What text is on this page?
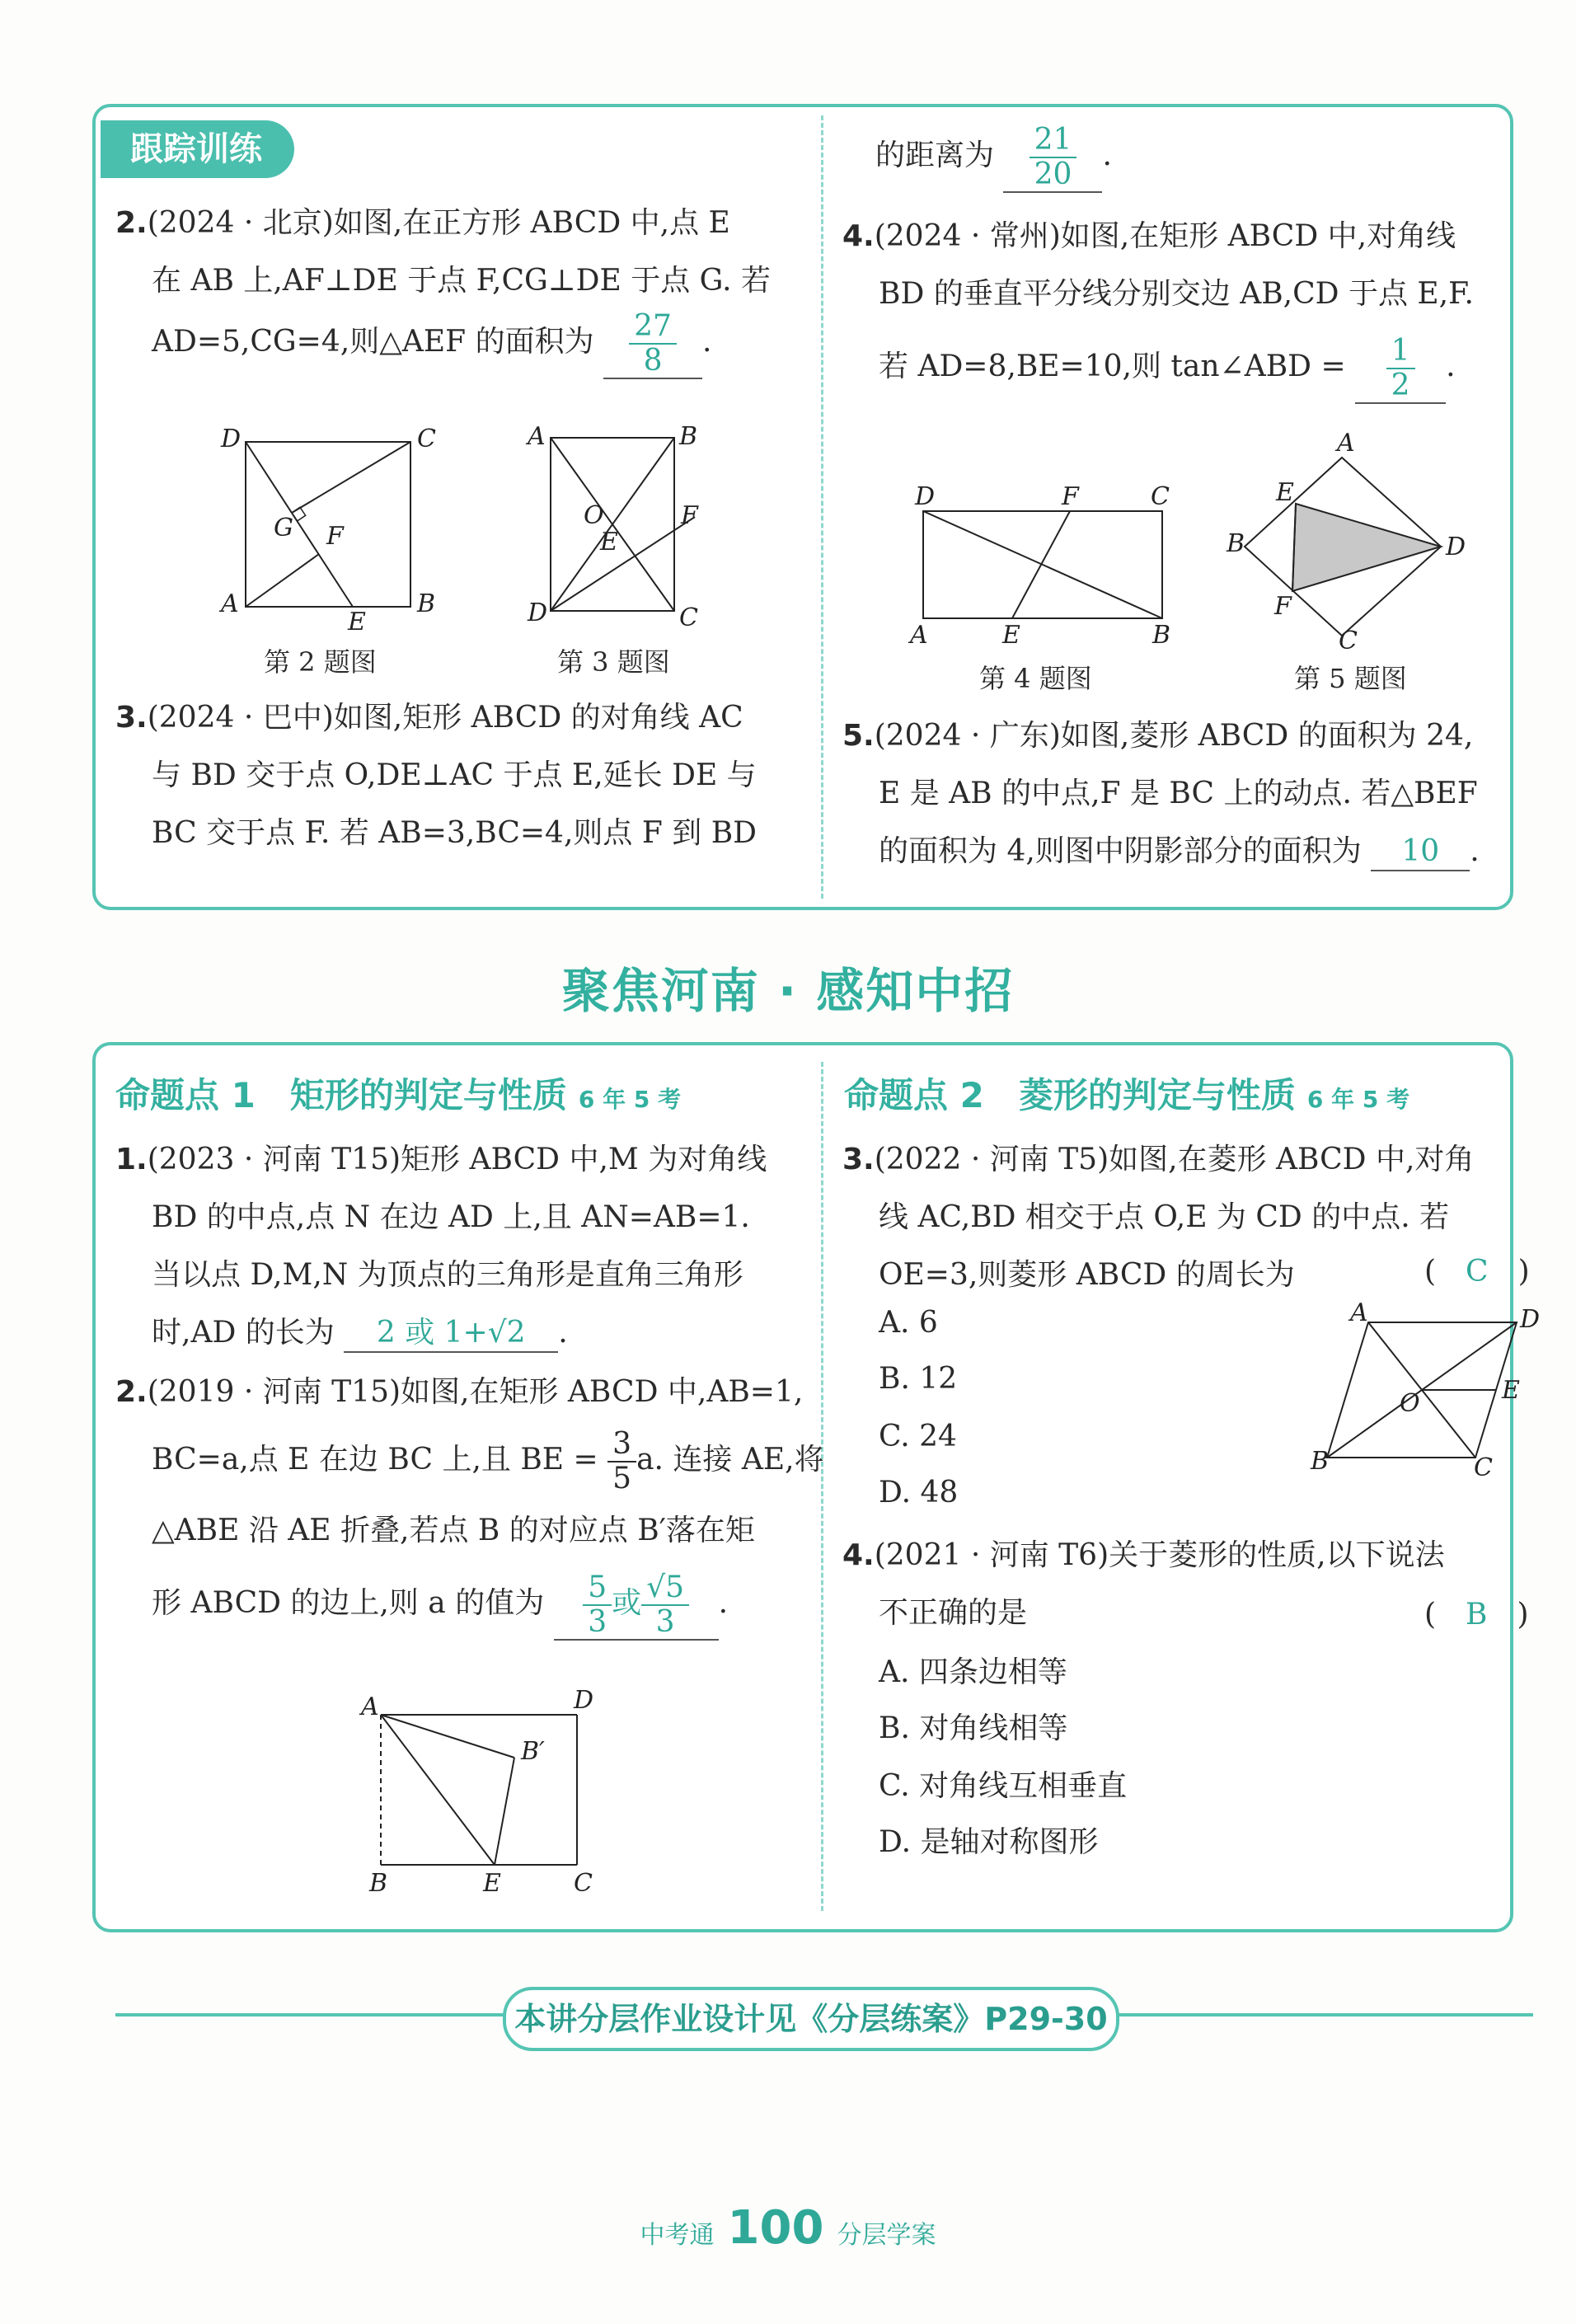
跟踪训练
2.(2024 · 北京)如图,在正方形 ABCD 中,点 E
在 AB 上,AF⊥DE 于点 F,CG⊥DE 于点 G. 若
AD=5,CG=4,则△AEF 的面积为 $\frac{27}{8}$ .
D	C
A	B
E
G F
第 2 题图
A	B
D	C
O
E
F
第 3 题图
3.(2024 · 巴中)如图,矩形 ABCD 的对角线 AC
与 BD 交于点 O,DE⊥AC 于点 E,延长 DE 与
BC 交于点 F. 若 AB=3,BC=4,则点 F 到 BD
的距离为 $\frac{21}{20}$ .
4.(2024 · 常州)如图,在矩形 ABCD 中,对角线
BD 的垂直平分线分别交边 AB,CD 于点 E,F.
若 AD=8,BE=10,则 tan∠ABD = $\frac{1}{2}$ .
D	F	C
A	E	B
第 4 题图
A
D
B
C
E
F
第 5 题图
5.(2024 · 广东)如图,菱形 ABCD 的面积为 24,
E 是 AB 的中点,F 是 BC 上的动点. 若△BEF
的面积为 4,则图中阴影部分的面积为 10 .
聚焦河南 · 感知中招
命题点 1　矩形的判定与性质 6 年 5 考
1.(2023 · 河南 T15)矩形 ABCD 中,M 为对角线
BD 的中点,点 N 在边 AD 上,且 AN=AB=1.
当以点 D,M,N 为顶点的三角形是直角三角形
时,AD 的长为 2 或 1+√2 .
2.(2019 · 河南 T15)如图,在矩形 ABCD 中,AB=1,
BC=a,点 E 在边 BC 上,且 BE = $\frac{3}{5} a$. 连接 AE,将
△ABE 沿 AE 折叠,若点 B 的对应点 B′落在矩
形 ABCD 的边上,则 a 的值为 $\frac{5}{3}$ 或 $\frac{√5}{3}$ .
A	D
B′
B	E	C
命题点 2　菱形的判定与性质 6 年 5 考
3.(2022 · 河南 T5)如图,在菱形 ABCD 中,对角
线 AC,BD 相交于点 O,E 为 CD 的中点. 若
OE=3,则菱形 ABCD 的周长为	(　C　)
A. 6
B. 12
C. 24
D. 48
A	D
O	E
B	C
4.(2021 · 河南 T6)关于菱形的性质,以下说法
不正确的是	(　B　)
A. 四条边相等
B. 对角线相等
C. 对角线互相垂直
D. 是轴对称图形
本讲分层作业设计见《分层练案》P29-30
中考通 100 分层学案
